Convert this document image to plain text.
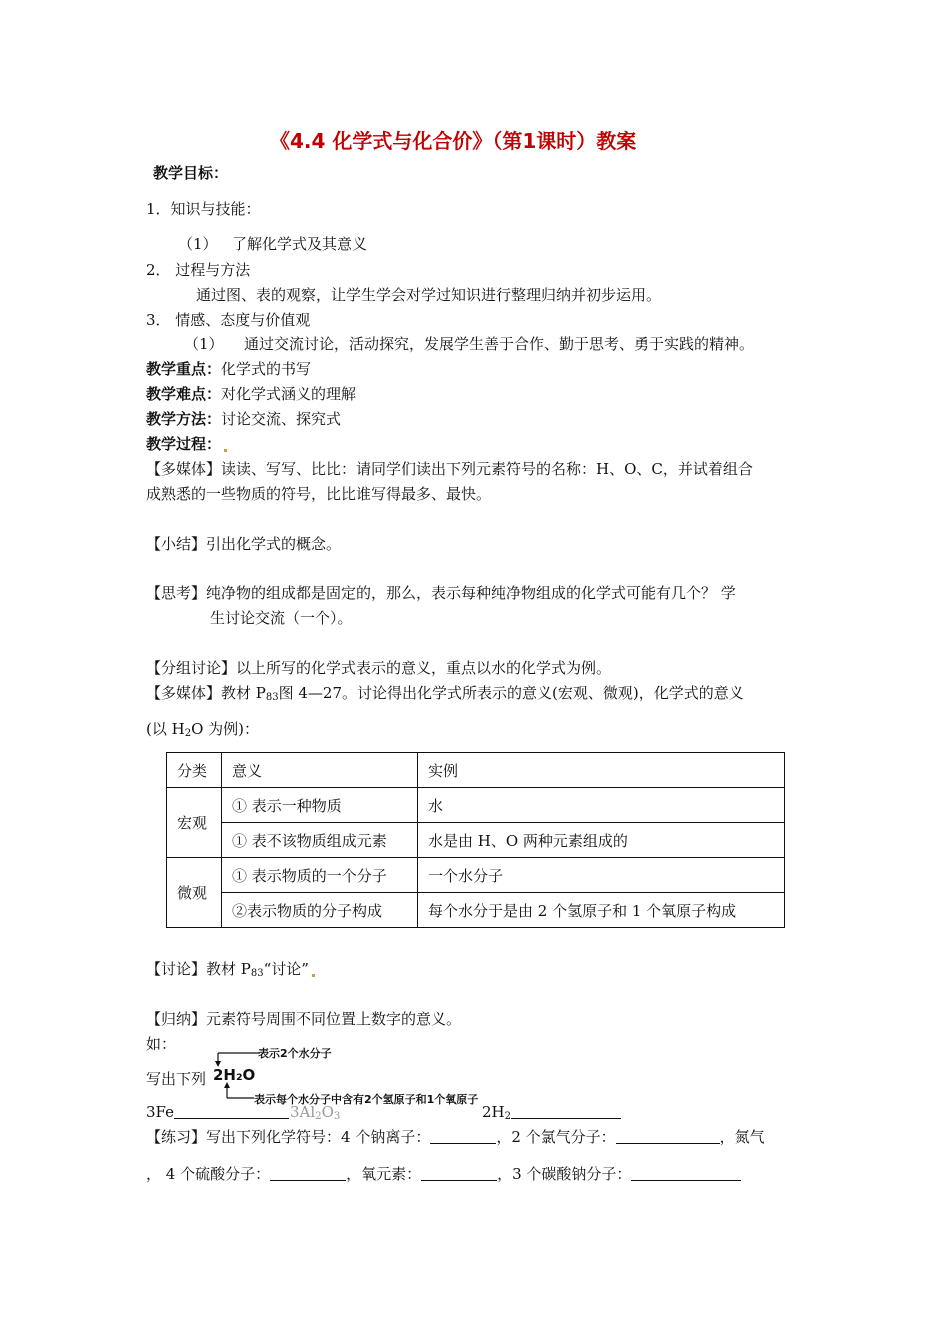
《4.4 化学式与化合价》（第1课时）教案
教学目标：
1．知识与技能：
（1） 了解化学式及其意义
2． 过程与方法
通过图、表的观察，让学生学会对学过知识进行整理归纳并初步运用。
3． 情感、态度与价值观
（1） 通过交流讨论，活动探究，发展学生善于合作、勤于思考、勇于实践的精神。
教学重点：化学式的书写
教学难点：对化学式涵义的理解
教学方法：讨论交流、探究式
教学过程：
【多媒体】读读、写写、比比：请同学们读出下列元素符号的名称：H、O、C，并试着组合
成熟悉的一些物质的符号，比比谁写得最多、最快。
【小结】引出化学式的概念。
【思考】纯净物的组成都是固定的，那么，表示每种纯净物组成的化学式可能有几个？ 学
生讨论交流（一个）。
【分组讨论】以上所写的化学式表示的意义，重点以水的化学式为例。
【多媒体】教材 $P_{83}$图 4—27。讨论得出化学式所表示的意义(宏观、微观)，化学式的意义
(以 $H_2O$ 为例)：
分类	意义	实例
宏观	① 表示一种物质	水
	① 表不该物质组成元素	水是由 H、O 两种元素组成的
微观	① 表示物质的一个分子	一个水分子
	②表示物质的分子构成	每个水分于是由 2 个氢原子和 1 个氧原子构成
【讨论】教材 $P_{83}“$讨论”
【归纳】元素符号周围不同位置上数字的意义。
如：
表示2个水分子
2H₂O
表示每个水分子中含有2个氢原子和1个氧原子
写出下列
3Fe	$3Al_2O_3$	$2H_2$
【练习】写出下列化学符号：4 个钠离子：	，2 个氯气分子：	，氮气
， 4 个硫酸分子：	，氧元素：	，3 个碳酸钠分子：
